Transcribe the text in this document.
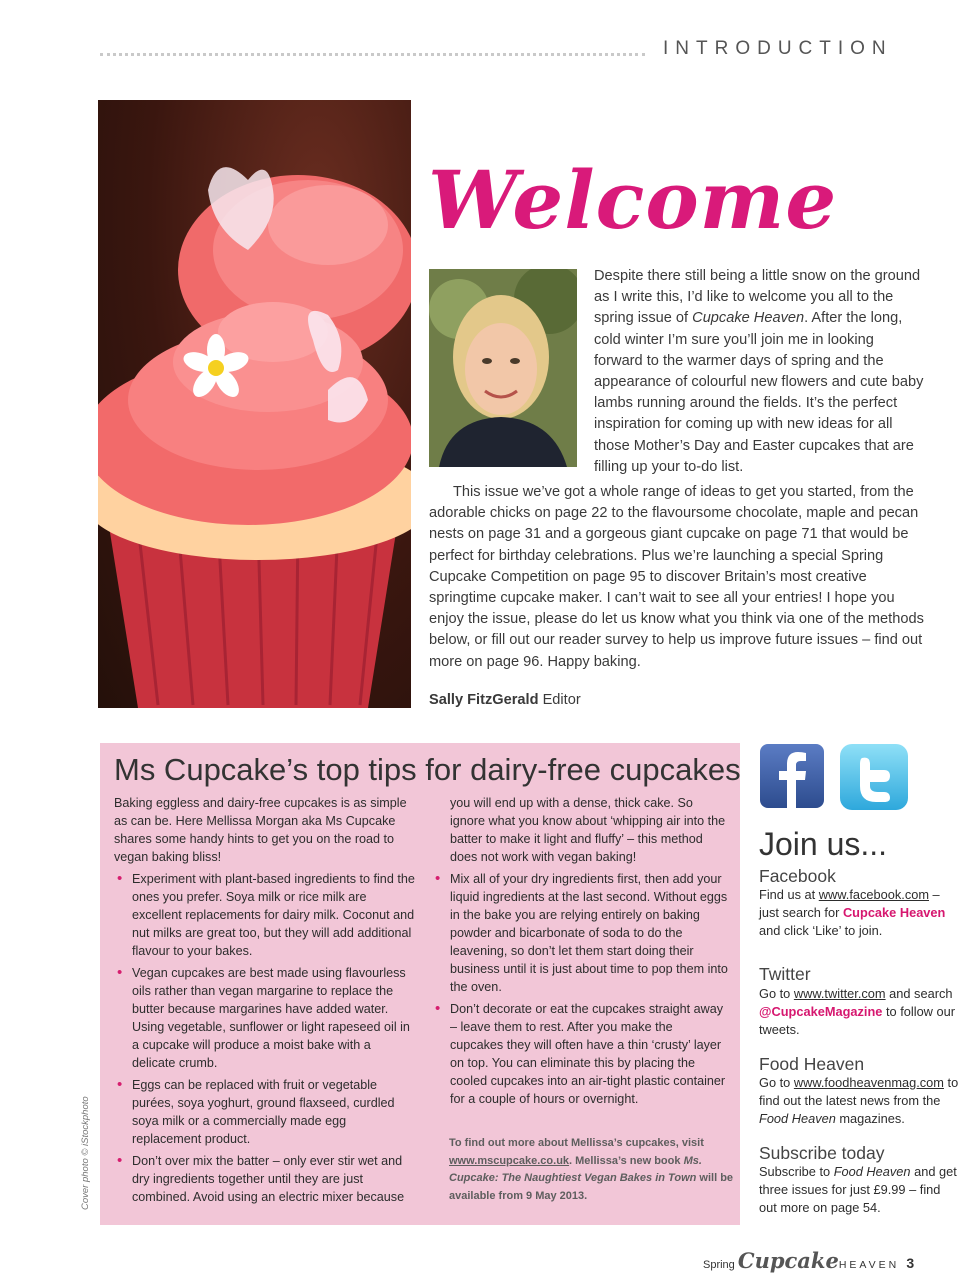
INTRODUCTION
Welcome
Despite there still being a little snow on the ground as I write this, I’d like to welcome you all to the spring issue of Cupcake Heaven. After the long, cold winter I’m sure you’ll join me in looking forward to the warmer days of spring and the appearance of colourful new flowers and cute baby lambs running around the fields. It’s the perfect inspiration for coming up with new ideas for all those Mother’s Day and Easter cupcakes that are filling up your to-do list.
This issue we’ve got a whole range of ideas to get you started, from the adorable chicks on page 22 to the flavoursome chocolate, maple and pecan nests on page 31 and a gorgeous giant cupcake on page 71 that would be perfect for birthday celebrations. Plus we’re launching a special Spring Cupcake Competition on page 95 to discover Britain’s most creative springtime cupcake maker. I can’t wait to see all your entries! I hope you enjoy the issue, please do let us know what you think via one of the methods below, or fill out our reader survey to help us improve future issues – find out more on page 96. Happy baking.
Sally FitzGerald Editor
Ms Cupcake’s top tips for dairy-free cupcakes

Baking eggless and dairy-free cupcakes is as simple as can be. Here Mellissa Morgan aka Ms Cupcake shares some handy hints to get you on the road to vegan baking bliss!

• Experiment with plant-based ingredients to find the ones you prefer. Soya milk or rice milk are excellent replacements for dairy milk. Coconut and nut milks are great too, but they will add additional flavour to your bakes.
• Vegan cupcakes are best made using flavourless oils rather than vegan margarine to replace the butter because margarines have added water. Using vegetable, sunflower or light rapeseed oil in a cupcake will produce a moist bake with a delicate crumb.
• Eggs can be replaced with fruit or vegetable purées, soya yoghurt, ground flaxseed, curdled soya milk or a commercially made egg replacement product.
• Don’t over mix the batter – only ever stir wet and dry ingredients together until they are just combined. Avoid using an electric mixer because

you will end up with a dense, thick cake. So ignore what you know about ‘whipping air into the batter to make it light and fluffy’ – this method does not work with vegan baking!

• Mix all of your dry ingredients first, then add your liquid ingredients at the last second. Without eggs in the bake you are relying entirely on baking powder and bicarbonate of soda to do the leavening, so don’t let them start doing their business until it is just about time to pop them into the oven.
• Don’t decorate or eat the cupcakes straight away – leave them to rest. After you make the cupcakes they will often have a thin ‘crusty’ layer on top. You can eliminate this by placing the cooled cupcakes into an air-tight plastic container for a couple of hours or overnight.
To find out more about Mellissa’s cupcakes, visit www.mscupcake.co.uk. Mellissa’s new book Ms. Cupcake: The Naughtiest Vegan Bakes in Town will be available from 9 May 2013.
Cover photo © iStockphoto
Join us...
Facebook
Find us at www.facebook.com – just search for Cupcake Heaven and click ‘Like’ to join.
Twitter
Go to www.twitter.com and search @CupcakeMagazine to follow our tweets.
Food Heaven
Go to www.foodheavenmag.com to find out the latest news from the Food Heaven magazines.
Subscribe today
Subscribe to Food Heaven and get three issues for just £9.99 – find out more on page 54.
Spring CupcakeHEAVEN 3
